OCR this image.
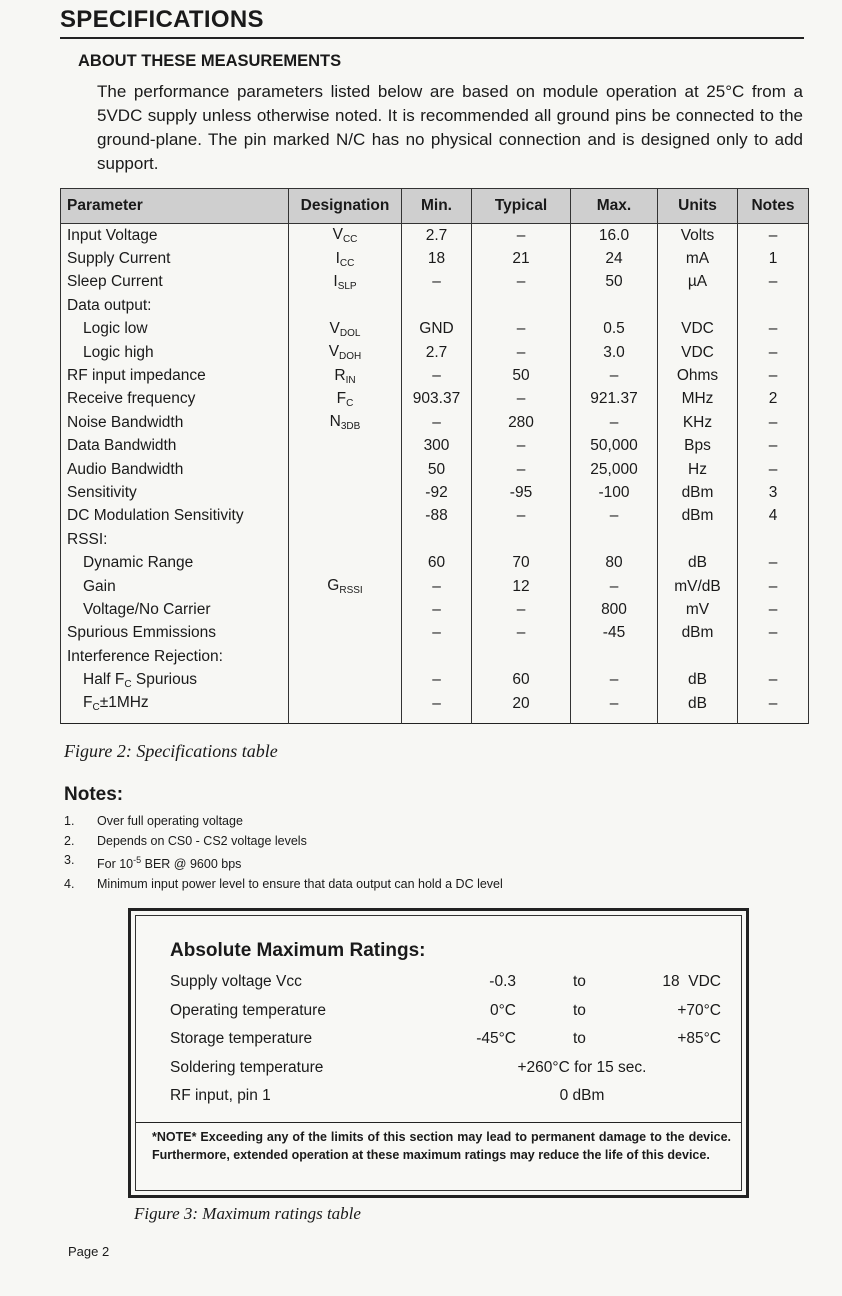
SPECIFICATIONS
ABOUT THESE MEASUREMENTS
The performance parameters listed below are based on module operation at 25°C from a 5VDC supply unless otherwise noted. It is recommended all ground pins be connected to the ground-plane. The pin marked N/C has no physical connection and is designed only to add support.
Parameter	Designation	Min.	Typical	Max.	Units	Notes
Input Voltage	$V_{CC}$	2.7	–	16.0	Volts	–
Supply Current	$I_{CC}$	18	21	24	mA	1
Sleep Current	$I_{SLP}$	–	–	50	µA	–
Data output:						
Logic low	$V_{DOL}$	GND	–	0.5	VDC	–
Logic high	$V_{DOH}$	2.7	–	3.0	VDC	–
RF input impedance	$R_{IN}$	–	50	–	Ohms	–
Receive frequency	$F_C$	903.37	–	921.37	MHz	2
Noise Bandwidth	$N_{3DB}$	–	280	–	KHz	–
Data Bandwidth		300	–	50,000	Bps	–
Audio Bandwidth		50	–	25,000	Hz	–
Sensitivity		-92	-95	-100	dBm	3
DC Modulation Sensitivity		-88	–	–	dBm	4
RSSI:						
Dynamic Range		60	70	80	dB	–
Gain	$G_{RSSI}$	–	12	–	mV/dB	–
Voltage/No Carrier		–	–	800	mV	–
Spurious Emmissions		–	–	-45	dBm	–
Interference Rejection:						
Half $F_C$ Spurious		–	60	–	dB	–
$F_C\pm 1MHz$		–	20	–	dB	–
Figure 2: Specifications table
Notes:
1.	Over full operating voltage
2.	Depends on CS0 - CS2 voltage levels
3.	For $10^{-5}$ BER @ 9600 bps
4.	Minimum input power level to ensure that data output can hold a DC level
Absolute Maximum Ratings:
Supply voltage Vcc	-0.3	to	18  VDC
Operating temperature	0°C	to	+70°C
Storage temperature	-45°C	to	+85°C
Soldering temperature	+260°C for 15 sec.
RF input, pin 1	0 dBm
*NOTE* Exceeding any of the limits of this section may lead to permanent damage to the device. Furthermore, extended operation at these maximum ratings may reduce the life of this device.
Figure 3: Maximum ratings table
Page 2
